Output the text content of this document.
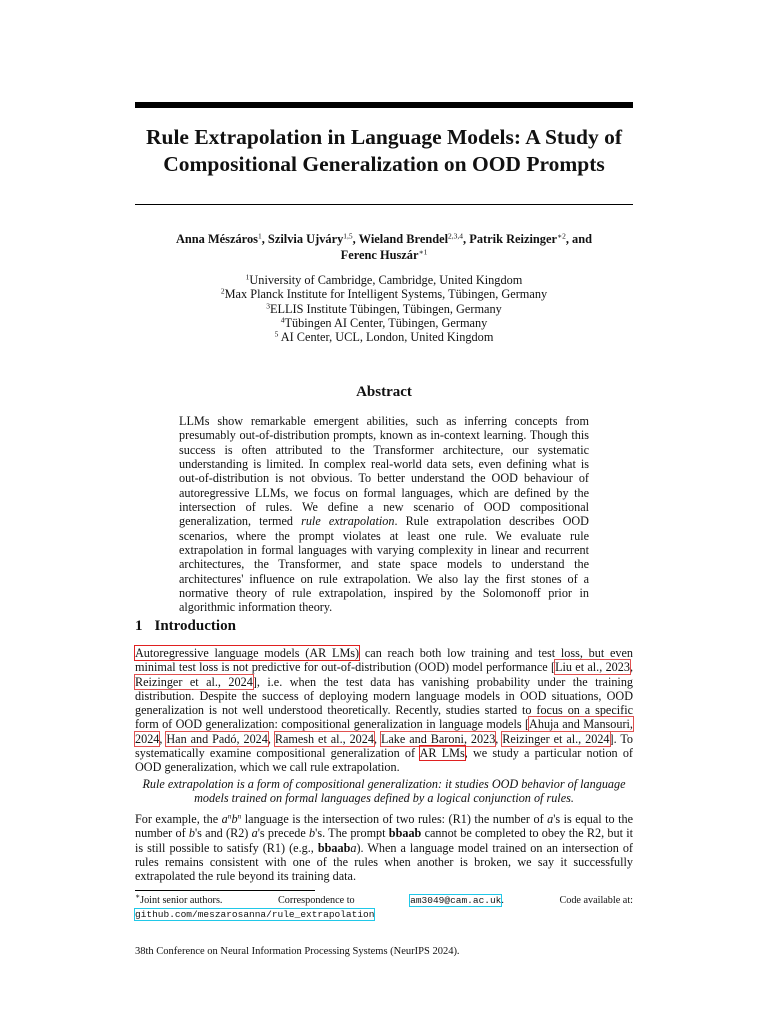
Rule Extrapolation in Language Models: A Study of
Compositional Generalization on OOD Prompts
Anna Mészáros$^1$, Szilvia Ujváry$^{1,5}$, Wieland Brendel$^{2,3,4}$, Patrik Reizinger$^{∗2}$, and
Ferenc Huszár$^{∗1}$
$^1$University of Cambridge, Cambridge, United Kingdom
$^2$Max Planck Institute for Intelligent Systems, Tübingen, Germany
$^3$ELLIS Institute Tübingen, Tübingen, Germany
$^4$Tübingen AI Center, Tübingen, Germany
$^5$ AI Center, UCL, London, United Kingdom
Abstract
LLMs show remarkable emergent abilities, such as inferring concepts from presumably out-of-distribution prompts, known as in-context learning. Though this success is often attributed to the Transformer architecture, our systematic understanding is limited. In complex real-world data sets, even defining what is out-of-distribution is not obvious. To better understand the OOD behaviour of autoregressive LLMs, we focus on formal languages, which are defined by the intersection of rules. We define a new scenario of OOD compositional generalization, termed rule extrapolation. Rule extrapolation describes OOD scenarios, where the prompt violates at least one rule. We evaluate rule extrapolation in formal languages with varying complexity in linear and recurrent architectures, the Transformer, and state space models to understand the architectures' influence on rule extrapolation. We also lay the first stones of a normative theory of rule extrapolation, inspired by the Solomonoff prior in algorithmic information theory.
1 Introduction
Autoregressive language models (AR LMs) can reach both low training and test loss, but even minimal test loss is not predictive for out-of-distribution (OOD) model performance [Liu et al., 2023, Reizinger et al., 2024], i.e. when the test data has vanishing probability under the training distribution. Despite the success of deploying modern language models in OOD situations, OOD generalization is not well understood theoretically. Recently, studies started to focus on a specific form of OOD generalization: compositional generalization in language models [Ahuja and Mansouri, 2024, Han and Padó, 2024, Ramesh et al., 2024, Lake and Baroni, 2023, Reizinger et al., 2024]. To systematically examine compositional generalization of AR LMs, we study a particular notion of OOD generalization, which we call rule extrapolation.
Rule extrapolation is a form of compositional generalization: it studies OOD behavior of language models trained on formal languages defined by a logical conjunction of rules.
For example, the $a^nb^n$ language is the intersection of two rules: (R1) the number of a's is equal to the number of b's and (R2) a's precede b's. The prompt bbaab cannot be completed to obey the R2, but it is still possible to satisfy (R1) (e.g., bbaaba). When a language model trained on an intersection of rules remains consistent with one of the rules when another is broken, we say it successfully extrapolated the rule beyond its training data.
∗Joint senior authors.	Correspondence to	am3049@cam.ac.uk.	Code available at:
github.com/meszarosanna/rule_extrapolation
38th Conference on Neural Information Processing Systems (NeurIPS 2024).
